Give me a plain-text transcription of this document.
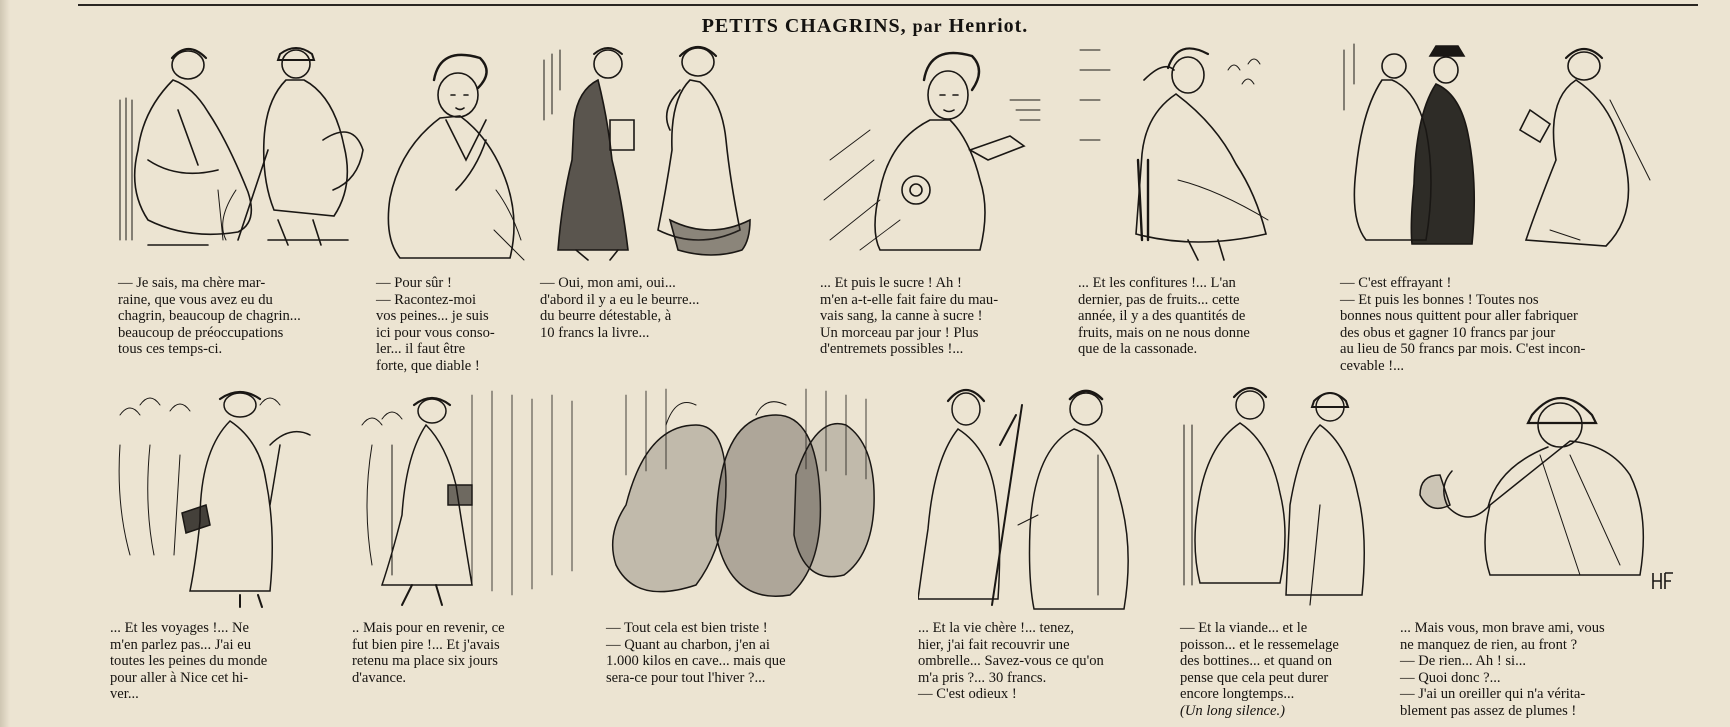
PETITS CHAGRINS, par Henriot.

— Je sais, ma chère mar-
raine, que vous avez eu du
chagrin, beaucoup de chagrin...
beaucoup de préoccupations
tous ces temps-ci.

— Pour sûr !
— Racontez-moi
vos peines... je suis
ici pour vous conso-
ler... il faut être
forte, que diable !

— Oui, mon ami, oui...
d'abord il y a eu le beurre...
du beurre détestable, à
10 francs la livre...

... Et puis le sucre ! Ah !
m'en a-t-elle fait faire du mau-
vais sang, la canne à sucre !
Un morceau par jour ! Plus
d'entremets possibles !...

... Et les confitures !... L'an
dernier, pas de fruits... cette
année, il y a des quantités de
fruits, mais on ne nous donne
que de la cassonade.

— C'est effrayant !
— Et puis les bonnes ! Toutes nos
bonnes nous quittent pour aller fabriquer
des obus et gagner 10 francs par jour
au lieu de 50 francs par mois. C'est incon-
cevable !...

... Et les voyages !... Ne
m'en parlez pas... J'ai eu
toutes les peines du monde
pour aller à Nice cet hi-
ver...

.. Mais pour en revenir, ce
fut bien pire !... Et j'avais
retenu ma place six jours
d'avance.

— Tout cela est bien triste !
— Quant au charbon, j'en ai
1.000 kilos en cave... mais que
sera-ce pour tout l'hiver ?...

... Et la vie chère !... tenez,
hier, j'ai fait recouvrir une
ombrelle... Savez-vous ce qu'on
m'a pris ?... 30 francs.
— C'est odieux !

— Et la viande... et le
poisson... et le ressemelage
des bottines... et quand on
pense que cela peut durer
encore longtemps...

(Un long silence.)

... Mais vous, mon brave ami, vous
ne manquez de rien, au front ?
— De rien... Ah ! si...
— Quoi donc ?...
— J'ai un oreiller qui n'a vérita-
blement pas assez de plumes !
